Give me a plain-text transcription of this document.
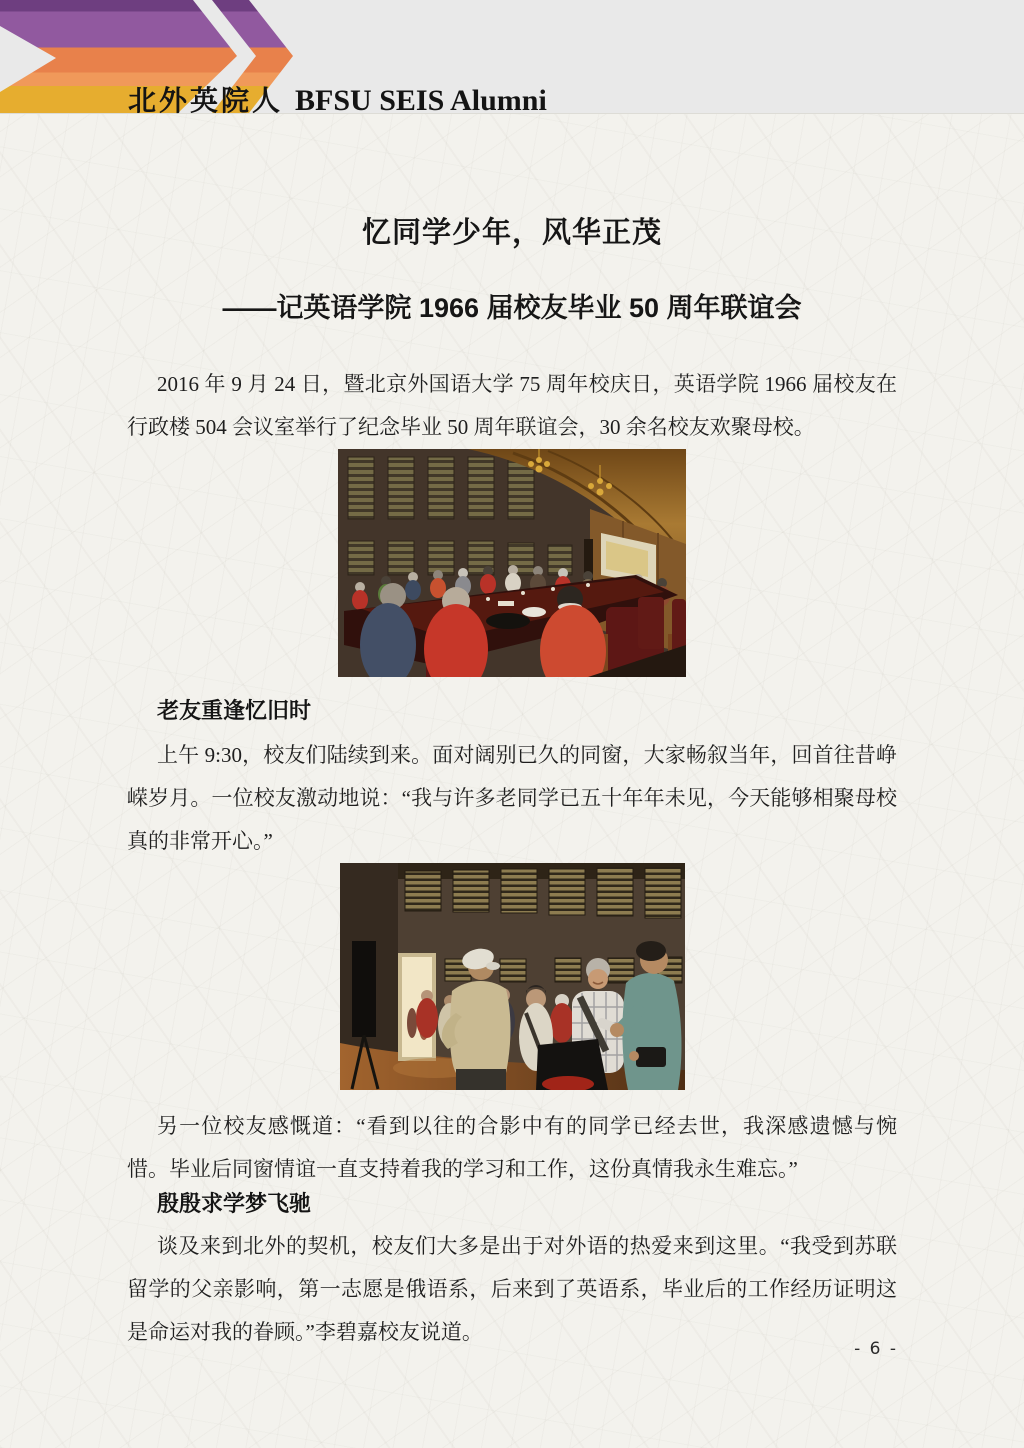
北外英院人 BFSU SEIS Alumni
忆同学少年，风华正茂
——记英语学院 1966 届校友毕业 50 周年联谊会

2016 年 9 月 24 日，暨北京外国语大学 75 周年校庆日，英语学院 1966 届校友在行政楼 504 会议室举行了纪念毕业 50 周年联谊会，30 余名校友欢聚母校。

老友重逢忆旧时

上午 9:30，校友们陆续到来。面对阔别已久的同窗，大家畅叙当年，回首往昔峥嵘岁月。一位校友激动地说：“我与许多老同学已五十年年未见，今天能够相聚母校真的非常开心。”

另一位校友感慨道：“看到以往的合影中有的同学已经去世，我深感遗憾与惋惜。毕业后同窗情谊一直支持着我的学习和工作，这份真情我永生难忘。”

殷殷求学梦飞驰

谈及来到北外的契机，校友们大多是出于对外语的热爱来到这里。“我受到苏联留学的父亲影响，第一志愿是俄语系，后来到了英语系，毕业后的工作经历证明这是命运对我的眷顾。”李碧嘉校友说道。

- 6 -
